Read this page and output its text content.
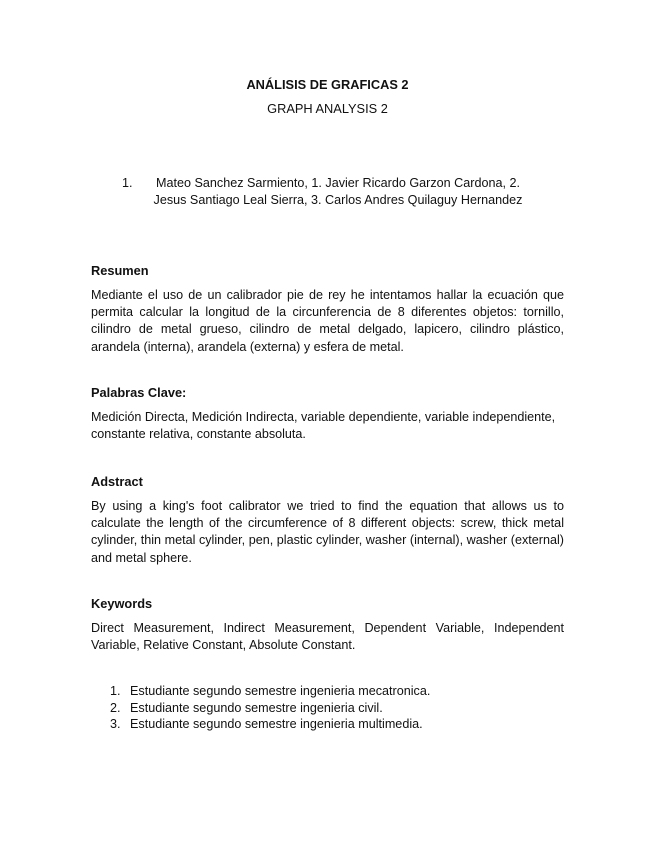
ANÁLISIS DE GRAFICAS 2
GRAPH ANALYSIS 2
1.	Mateo Sanchez Sarmiento, 1. Javier Ricardo Garzon Cardona, 2. Jesus Santiago Leal Sierra, 3. Carlos Andres Quilaguy Hernandez
Resumen
Mediante el uso de un calibrador pie de rey he intentamos hallar la ecuación que permita calcular la longitud de la circunferencia de 8 diferentes objetos: tornillo, cilindro de metal grueso, cilindro de metal delgado, lapicero, cilindro plástico, arandela (interna), arandela (externa) y esfera de metal.
Palabras Clave:
Medición Directa, Medición Indirecta, variable dependiente, variable independiente, constante relativa, constante absoluta.
Adstract
By using a king's foot calibrator we tried to find the equation that allows us to calculate the length of the circumference of 8 different objects: screw, thick metal cylinder, thin metal cylinder, pen, plastic cylinder, washer (internal), washer (external) and metal sphere.
Keywords
Direct Measurement, Indirect Measurement, Dependent Variable, Independent Variable, Relative Constant, Absolute Constant.
1. Estudiante segundo semestre ingenieria mecatronica.
2. Estudiante segundo semestre ingenieria civil.
3. Estudiante segundo semestre ingenieria multimedia.
